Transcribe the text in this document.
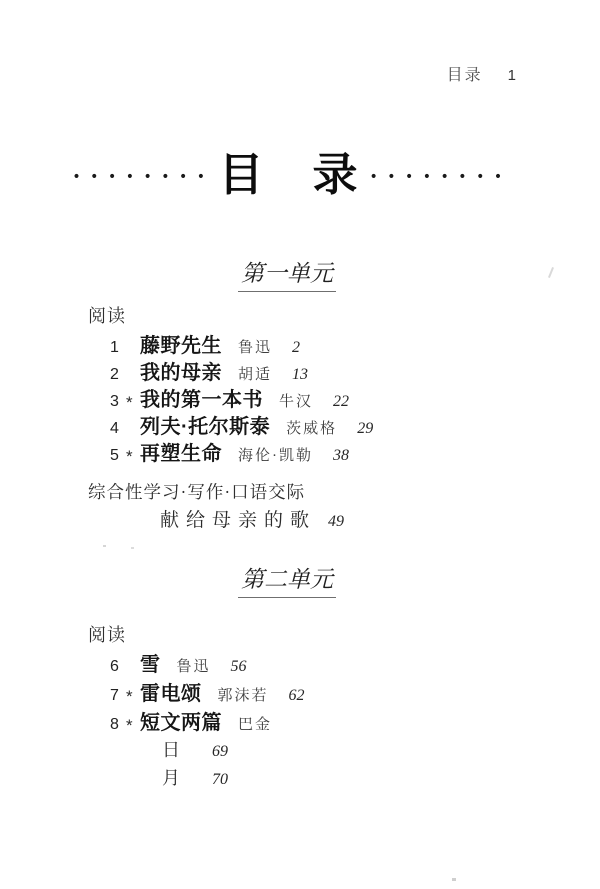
目录 1
•••••••• 目 录 ••••••••
第一单元
阅读
1	藤野先生 鲁迅 2
2	我的母亲 胡适 13
3 * 我的第一本书 牛汉 22
4	列夫·托尔斯泰 茨威格 29
5 * 再塑生命 海伦·凯勒 38
综合性学习·写作·口语交际
献给母亲的歌 49
第二单元
阅读
6	雪 鲁迅 56
7 * 雷电颂 郭沫若 62
8 * 短文两篇 巴金
日 69
月 70
